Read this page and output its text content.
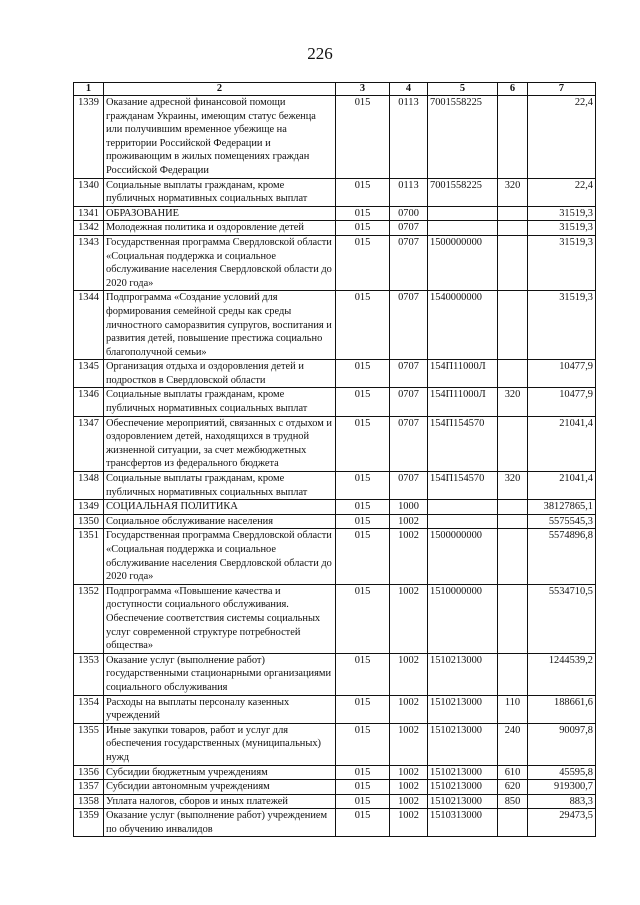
226
1	2	3	4	5	6	7
1339	Оказание адресной финансовой помощи гражданам Украины, имеющим статус беженца или получившим временное убежище на территории Российской Федерации и проживающим в жилых помещениях граждан Российской Федерации	015	0113	7001558225		22,4
1340	Социальные выплаты гражданам, кроме публичных нормативных социальных выплат	015	0113	7001558225	320	22,4
1341	ОБРАЗОВАНИЕ	015	0700			31519,3
1342	Молодежная политика и оздоровление детей	015	0707			31519,3
1343	Государственная программа Свердловской области «Социальная поддержка и социальное обслуживание населения Свердловской области до 2020 года»	015	0707	1500000000		31519,3
1344	Подпрограмма «Создание условий для формирования семейной среды как среды личностного саморазвития супругов, воспитания и развития детей, повышение престижа социально благополучной семьи»	015	0707	1540000000		31519,3
1345	Организация отдыха и оздоровления детей и подростков в Свердловской области	015	0707	154П11000Л		10477,9
1346	Социальные выплаты гражданам, кроме публичных нормативных социальных выплат	015	0707	154П11000Л	320	10477,9
1347	Обеспечение мероприятий, связанных с отдыхом и оздоровлением детей, находящихся в трудной жизненной ситуации, за счет межбюджетных трансфертов из федерального бюджета	015	0707	154П154570		21041,4
1348	Социальные выплаты гражданам, кроме публичных нормативных социальных выплат	015	0707	154П154570	320	21041,4
1349	СОЦИАЛЬНАЯ ПОЛИТИКА	015	1000			38127865,1
1350	Социальное обслуживание населения	015	1002			5575545,3
1351	Государственная программа Свердловской области «Социальная поддержка и социальное обслуживание населения Свердловской области до 2020 года»	015	1002	1500000000		5574896,8
1352	Подпрограмма «Повышение качества и доступности социального обслуживания. Обеспечение соответствия системы социальных услуг современной структуре потребностей общества»	015	1002	1510000000		5534710,5
1353	Оказание услуг (выполнение работ) государственными стационарными организациями социального обслуживания	015	1002	1510213000		1244539,2
1354	Расходы на выплаты персоналу казенных учреждений	015	1002	1510213000	110	188661,6
1355	Иные закупки товаров, работ и услуг для обеспечения государственных (муниципальных) нужд	015	1002	1510213000	240	90097,8
1356	Субсидии бюджетным учреждениям	015	1002	1510213000	610	45595,8
1357	Субсидии автономным учреждениям	015	1002	1510213000	620	919300,7
1358	Уплата налогов, сборов и иных платежей	015	1002	1510213000	850	883,3
1359	Оказание услуг (выполнение работ) учреждением по обучению инвалидов	015	1002	1510313000		29473,5
